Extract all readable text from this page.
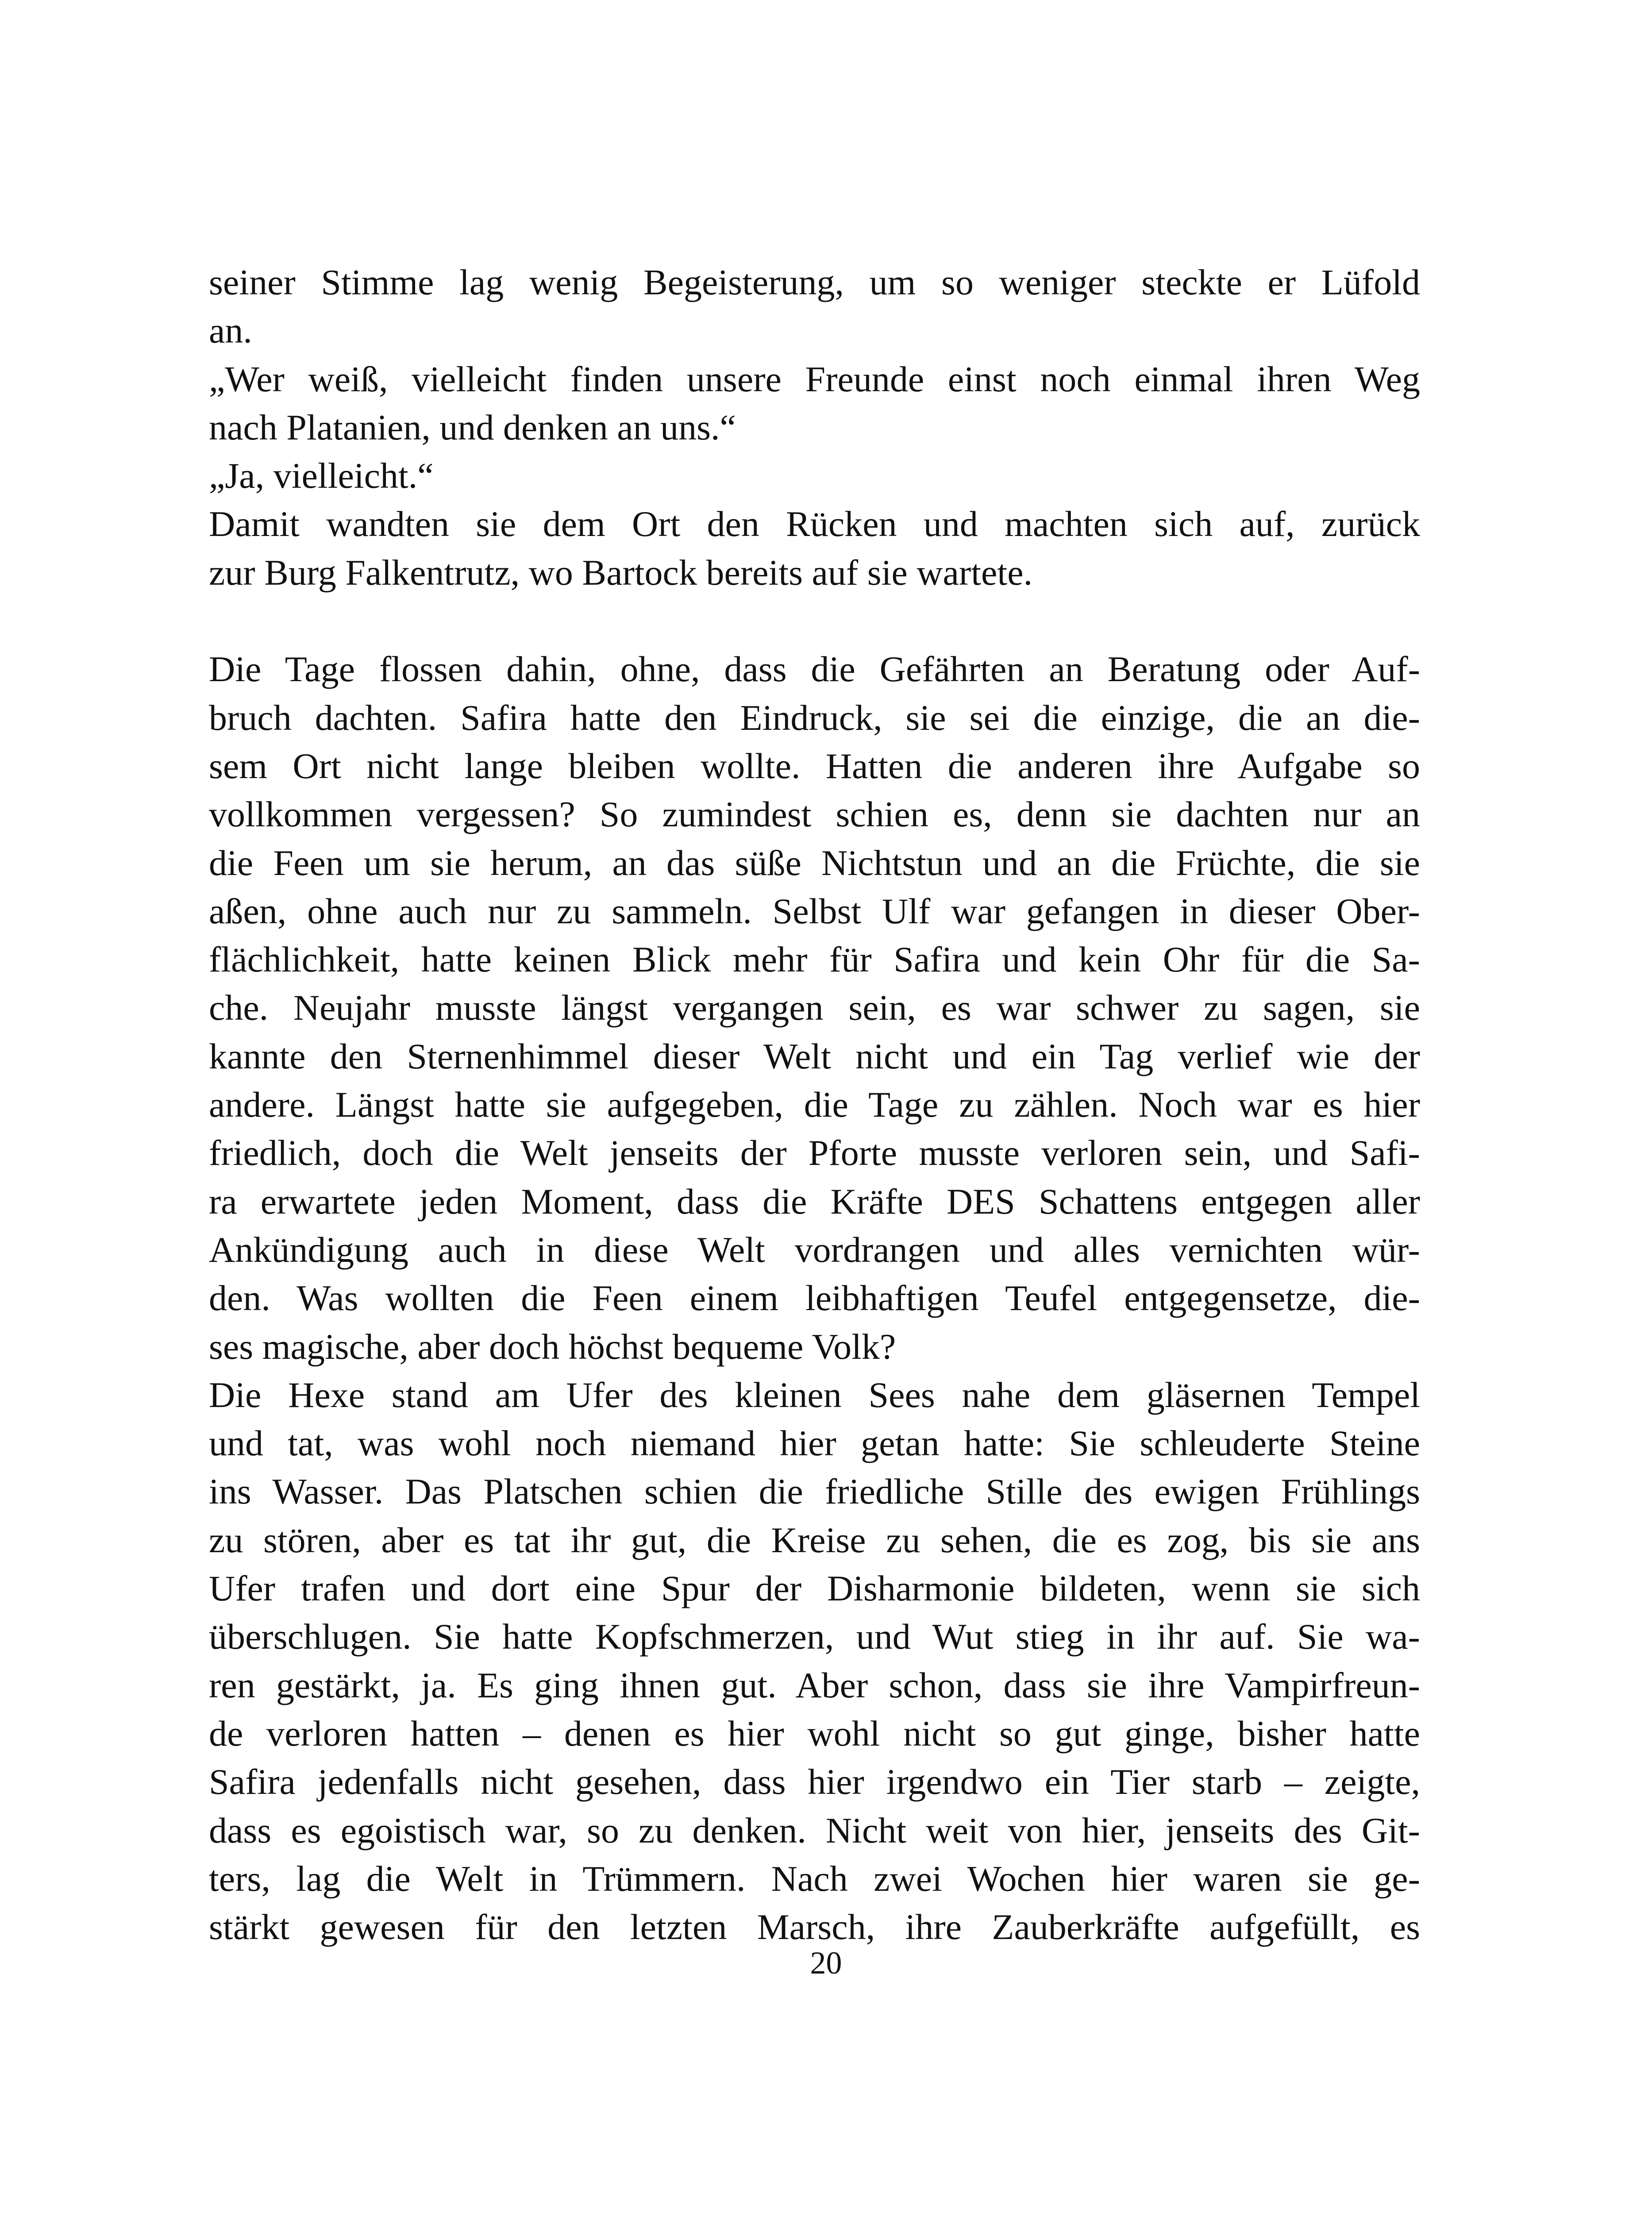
seiner Stimme lag wenig Begeisterung, um so weniger steckte er Lüfold
an.
„Wer weiß, vielleicht finden unsere Freunde einst noch einmal ihren Weg
nach Platanien, und denken an uns.“
„Ja, vielleicht.“
Damit wandten sie dem Ort den Rücken und machten sich auf, zurück
zur Burg Falkentrutz, wo Bartock bereits auf sie wartete.
Die Tage flossen dahin, ohne, dass die Gefährten an Beratung oder Auf-
bruch dachten. Safira hatte den Eindruck, sie sei die einzige, die an die-
sem Ort nicht lange bleiben wollte. Hatten die anderen ihre Aufgabe so
vollkommen vergessen? So zumindest schien es, denn sie dachten nur an
die Feen um sie herum, an das süße Nichtstun und an die Früchte, die sie
aßen, ohne auch nur zu sammeln. Selbst Ulf war gefangen in dieser Ober-
flächlichkeit, hatte keinen Blick mehr für Safira und kein Ohr für die Sa-
che. Neujahr musste längst vergangen sein, es war schwer zu sagen, sie
kannte den Sternenhimmel dieser Welt nicht und ein Tag verlief wie der
andere. Längst hatte sie aufgegeben, die Tage zu zählen. Noch war es hier
friedlich, doch die Welt jenseits der Pforte musste verloren sein, und Safi-
ra erwartete jeden Moment, dass die Kräfte DES Schattens entgegen aller
Ankündigung auch in diese Welt vordrangen und alles vernichten wür-
den. Was wollten die Feen einem leibhaftigen Teufel entgegensetze, die-
ses magische, aber doch höchst bequeme Volk?
Die Hexe stand am Ufer des kleinen Sees nahe dem gläsernen Tempel
und tat, was wohl noch niemand hier getan hatte: Sie schleuderte Steine
ins Wasser. Das Platschen schien die friedliche Stille des ewigen Frühlings
zu stören, aber es tat ihr gut, die Kreise zu sehen, die es zog, bis sie ans
Ufer trafen und dort eine Spur der Disharmonie bildeten, wenn sie sich
überschlugen. Sie hatte Kopfschmerzen, und Wut stieg in ihr auf. Sie wa-
ren gestärkt, ja. Es ging ihnen gut. Aber schon, dass sie ihre Vampirfreun-
de verloren hatten – denen es hier wohl nicht so gut ginge, bisher hatte
Safira jedenfalls nicht gesehen, dass hier irgendwo ein Tier starb – zeigte,
dass es egoistisch war, so zu denken. Nicht weit von hier, jenseits des Git-
ters, lag die Welt in Trümmern. Nach zwei Wochen hier waren sie ge-
stärkt gewesen für den letzten Marsch, ihre Zauberkräfte aufgefüllt, es
20
